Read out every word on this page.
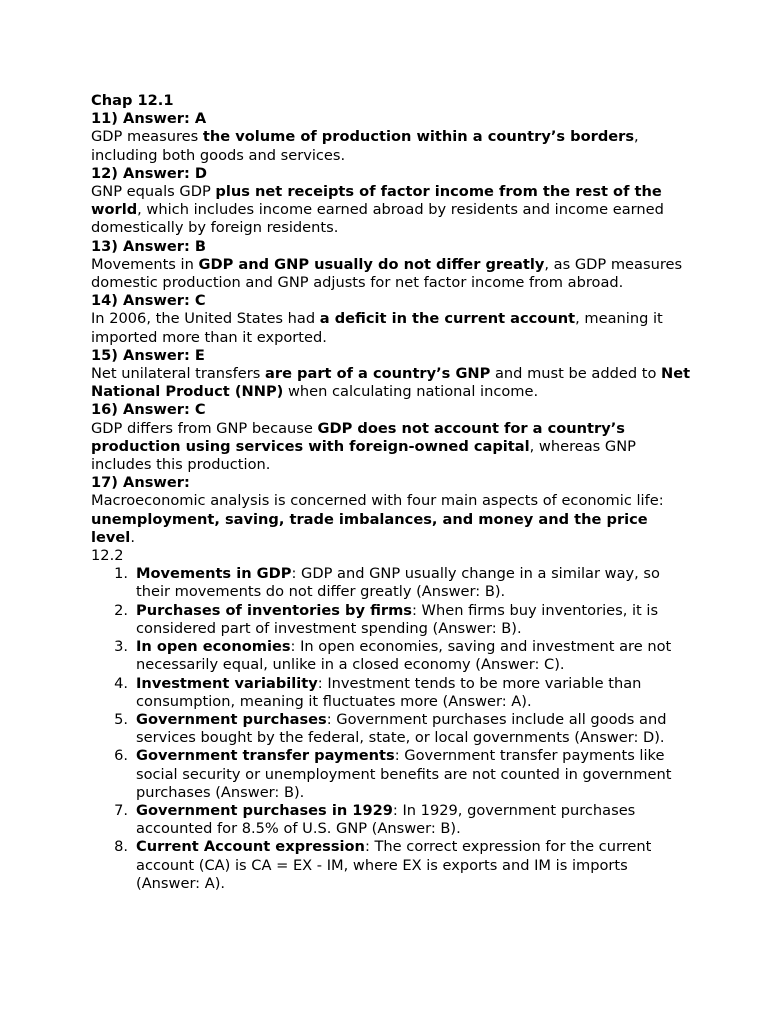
Chap 12.1

11) Answer: A

GDP measures the volume of production within a country’s borders, including both goods and services.

12) Answer: D

GNP equals GDP plus net receipts of factor income from the rest of the world, which includes income earned abroad by residents and income earned domestically by foreign residents.

13) Answer: B

Movements in GDP and GNP usually do not differ greatly, as GDP measures domestic production and GNP adjusts for net factor income from abroad.

14) Answer: C

In 2006, the United States had a deficit in the current account, meaning it imported more than it exported.

15) Answer: E

Net unilateral transfers are part of a country’s GNP and must be added to Net National Product (NNP) when calculating national income.

16) Answer: C

GDP differs from GNP because GDP does not account for a country’s production using services with foreign-owned capital, whereas GNP includes this production.

17) Answer:

Macroeconomic analysis is concerned with four main aspects of economic life: unemployment, saving, trade imbalances, and money and the price level.

12.2

1. Movements in GDP: GDP and GNP usually change in a similar way, so their movements do not differ greatly (Answer: B).
2. Purchases of inventories by firms: When firms buy inventories, it is considered part of investment spending (Answer: B).
3. In open economies: In open economies, saving and investment are not necessarily equal, unlike in a closed economy (Answer: C).
4. Investment variability: Investment tends to be more variable than consumption, meaning it fluctuates more (Answer: A).
5. Government purchases: Government purchases include all goods and services bought by the federal, state, or local governments (Answer: D).
6. Government transfer payments: Government transfer payments like social security or unemployment benefits are not counted in government purchases (Answer: B).
7. Government purchases in 1929: In 1929, government purchases accounted for 8.5% of U.S. GNP (Answer: B).
8. Current Account expression: The correct expression for the current account (CA) is CA = EX - IM, where EX is exports and IM is imports (Answer: A).
